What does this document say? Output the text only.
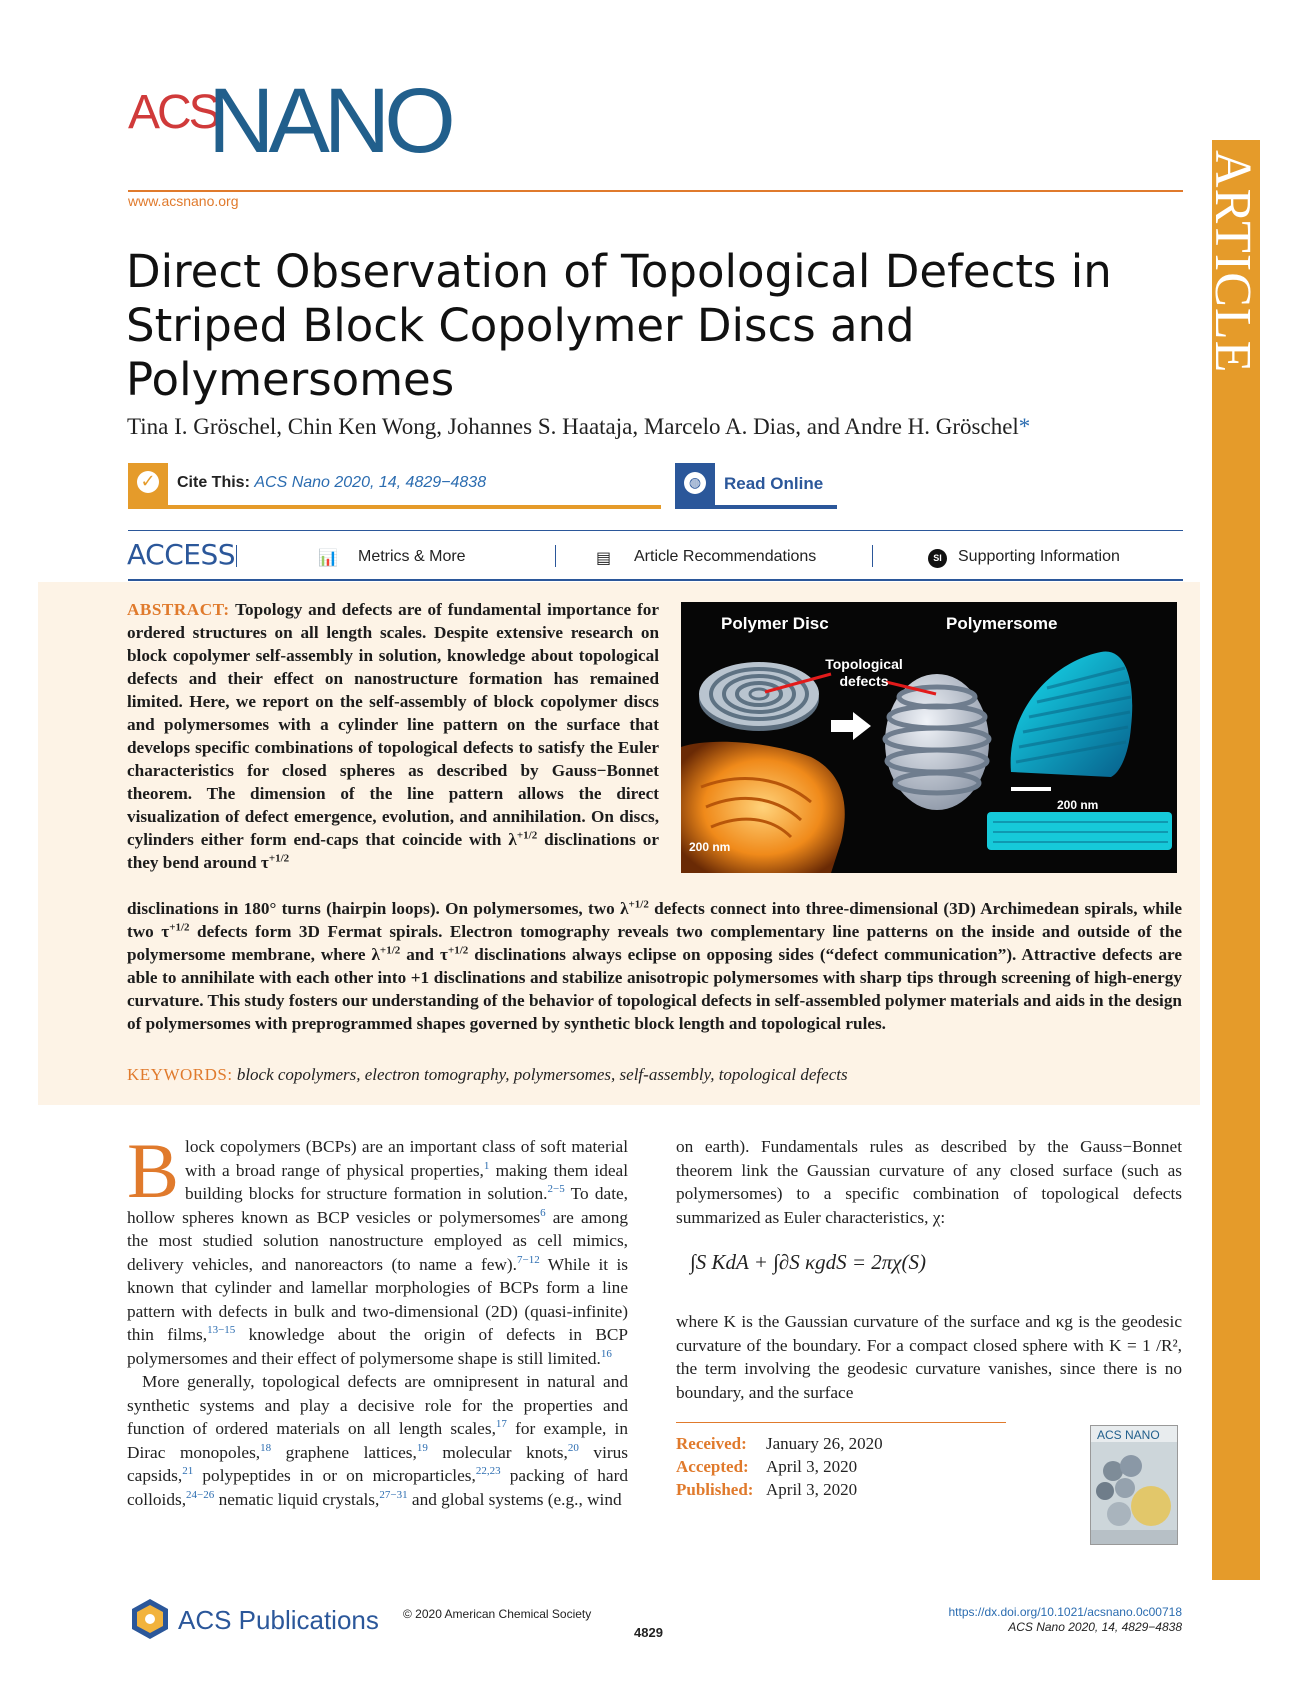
ACS
NANO
www.acsnano.org	ARTICLE
Direct Observation of Topological Defects in Striped Block Copolymer Discs and Polymersomes
Tina I. Gröschel, Chin Ken Wong, Johannes S. Haataja, Marcelo A. Dias, and Andre H. Gröschel*
✓ Cite This: ACS Nano 2020, 14, 4829−4838	◍ Read Online
ACCESS	📊 Metrics & More	▤ Article Recommendations	SI	Supporting Information
ABSTRACT: Topology and defects are of fundamental importance for ordered structures on all length scales. Despite extensive research on block copolymer self-assembly in solution, knowledge about topological defects and their effect on nanostructure formation has remained limited. Here, we report on the self-assembly of block copolymer discs and polymersomes with a cylinder line pattern on the surface that develops specific combinations of topological defects to satisfy the Euler characteristics for closed spheres as described by Gauss−Bonnet theorem. The dimension of the line pattern allows the direct visualization of defect emergence, evolution, and annihilation. On discs, cylinders either form end-caps that coincide with $\lambda^{+1/2}$ disclinations or they bend around $\tau^{+1/2}$
disclinations in 180° turns (hairpin loops). On polymersomes, two $\lambda^{+1/2}$ defects connect into three-dimensional (3D) Archimedean spirals, while two $\tau^{+1/2}$ defects form 3D Fermat spirals. Electron tomography reveals two complementary line patterns on the inside and outside of the polymersome membrane, where $\lambda^{+1/2}$ and $\tau^{+1/2}$ disclinations always eclipse on opposing sides (“defect communication”). Attractive defects are able to annihilate with each other into +1 disclinations and stabilize anisotropic polymersomes with sharp tips through screening of high-energy curvature. This study fosters our understanding of the behavior of topological defects in self-assembled polymer materials and aids in the design of polymersomes with preprogrammed shapes governed by synthetic block length and topological rules.
KEYWORDS: block copolymers, electron tomography, polymersomes, self-assembly, topological defects
Polymer Disc	Polymersome
Topological defects
200 nm
200 nm
B lock copolymers (BCPs) are an important class of soft material with a broad range of physical properties,$^1$ making them ideal building blocks for structure formation in solution.$^{2-5}$ To date, hollow spheres known as BCP vesicles or polymersomes$^6$ are among the most studied solution nanostructure employed as cell mimics, delivery vehicles, and nanoreactors (to name a few).$^{7-12}$ While it is known that cylinder and lamellar morphologies of BCPs form a line pattern with defects in bulk and two-dimensional (2D) (quasi-infinite) thin films,$^{13-15}$ knowledge about the origin of defects in BCP polymersomes and their effect of polymersome shape is still limited.$^{16}$
More generally, topological defects are omnipresent in natural and synthetic systems and play a decisive role for the properties and function of ordered materials on all length scales,$^{17}$ for example, in Dirac monopoles,$^{18}$ graphene lattices,$^{19}$ molecular knots,$^{20}$ virus capsids,$^{21}$ polypeptides in or on microparticles,$^{22,23}$ packing of hard colloids,$^{24-26}$ nematic liquid crystals,$^{27-31}$ and global systems (e.g., wind
on earth). Fundamentals rules as described by the Gauss−Bonnet theorem link the Gaussian curvature of any closed surface (such as polymersomes) to a specific combination of topological defects summarized as Euler characteristics, χ:
∫S KdA + ∫∂S κgdS = 2πχ(S)
where K is the Gaussian curvature of the surface and κg is the geodesic curvature of the boundary. For a compact closed sphere with K = 1 /R², the term involving the geodesic curvature vanishes, since there is no boundary, and the surface
Received: January 26, 2020
Accepted: April 3, 2020
Published: April 3, 2020
ACS NANO
ACS Publications © 2020 American Chemical Society
4829
https://dx.doi.org/10.1021/acsnano.0c00718
ACS Nano 2020, 14, 4829−4838
